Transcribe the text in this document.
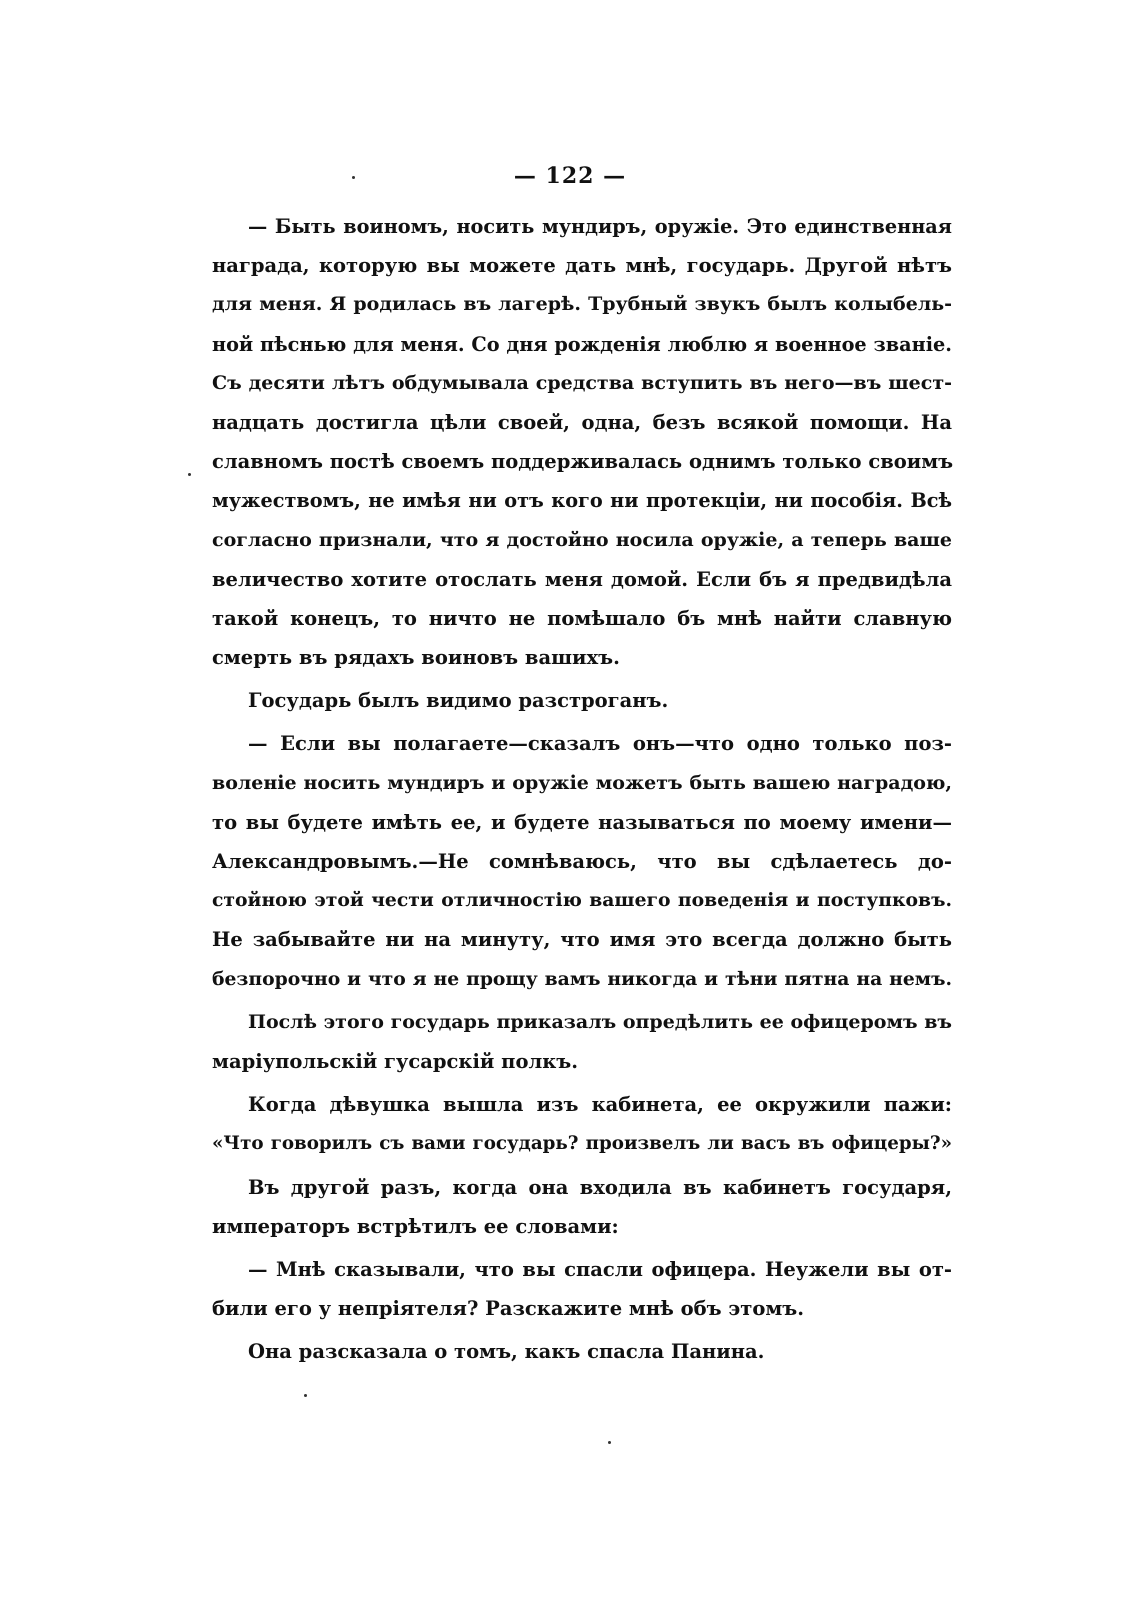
— 122 —
— Быть воиномъ, носить мундиръ, оружiе. Это единственная
награда, которую вы можете дать мнѣ, государь. Другой нѣтъ
для меня. Я родилась въ лагерѣ. Трубный звукъ былъ колыбель-
ной пѣснью для меня. Со дня рожденiя люблю я военное званiе.
Съ десяти лѣтъ обдумывала средства вступить въ него—въ шест-
надцать достигла цѣли своей, одна, безъ всякой помощи. На
славномъ постѣ своемъ поддерживалась однимъ только своимъ
мужествомъ, не имѣя ни отъ кого ни протекцiи, ни пособiя. Всѣ
согласно признали, что я достойно носила оружiе, а теперь ваше
величество хотите отослать меня домой. Если бъ я предвидѣла
такой конецъ, то ничто не помѣшало бъ мнѣ найти славную
смерть въ рядахъ воиновъ вашихъ.
Государь былъ видимо разстроганъ.
— Если вы полагаете—сказалъ онъ—что одно только поз-
воленiе носить мундиръ и оружiе можетъ быть вашею наградою,
то вы будете имѣть ее, и будете называться по моему имени—
Александровымъ.—Не сомнѣваюсь, что вы сдѣлаетесь до-
стойною этой чести отличностiю вашего поведенiя и поступковъ.
Не забывайте ни на минуту, что имя это всегда должно быть
безпорочно и что я не прощу вамъ никогда и тѣни пятна на немъ.
Послѣ этого государь приказалъ опредѣлить ее офицеромъ въ
марiупольскiй гусарскiй полкъ.
Когда дѣвушка вышла изъ кабинета, ее окружили пажи:
«Что говорилъ съ вами государь? произвелъ ли васъ въ офицеры?»
Въ другой разъ, когда она входила въ кабинетъ государя,
императоръ встрѣтилъ ее словами:
— Мнѣ сказывали, что вы спасли офицера. Неужели вы от-
били его у непрiятеля? Разскажите мнѣ объ этомъ.
Она разсказала о томъ, какъ спасла Панина.
